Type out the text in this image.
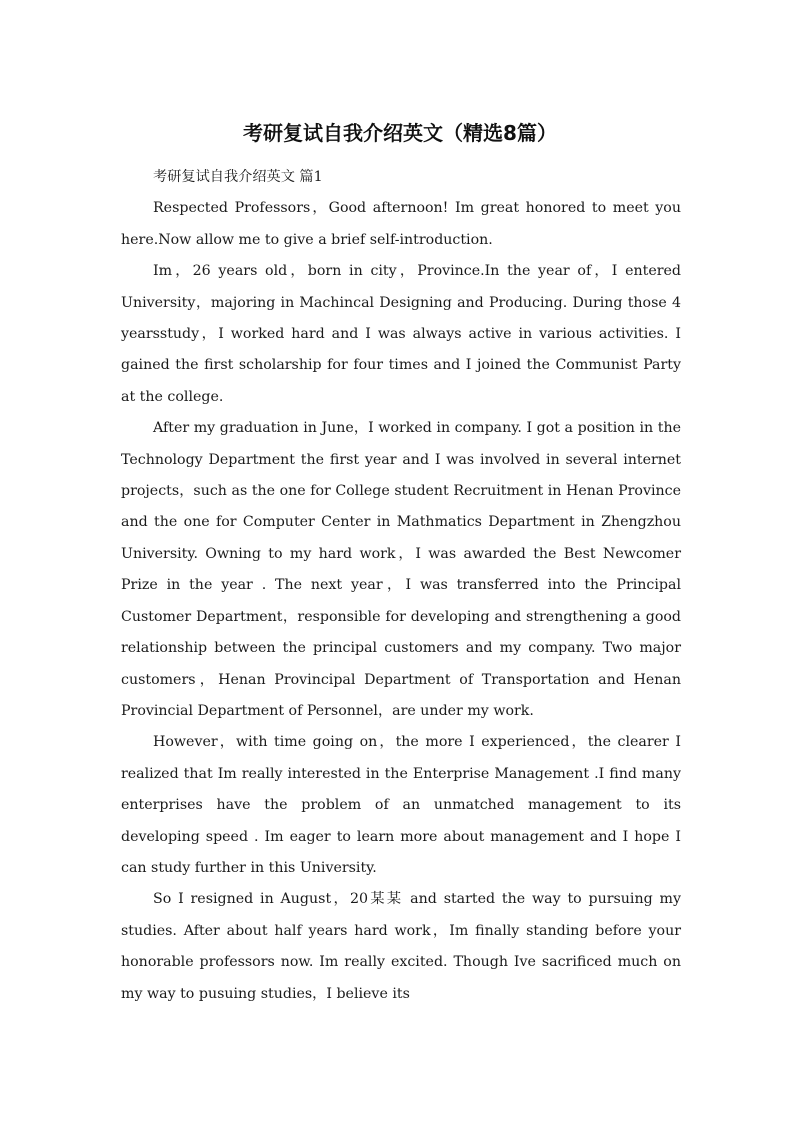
考研复试自我介绍英文（精选8篇）

考研复试自我介绍英文 篇1

Respected Professors，Good afternoon! Im great honored to meet you here.Now allow me to give a brief self-introduction.

Im，26 years old，born in city，Province.In the year of，I entered University，majoring in Machincal Designing and Producing. During those 4 yearsstudy，I worked hard and I was always active in various activities. I gained the first scholarship for four times and I joined the Communist Party at the college.

After my graduation in June，I worked in company. I got a position in the Technology Department the first year and I was involved in several internet projects，such as the one for College student Recruitment in Henan Province and the one for Computer Center in Mathmatics Department in Zhengzhou University. Owning to my hard work，I was awarded the Best Newcomer Prize in the year . The next year，I was transferred into the Principal Customer Department，responsible for developing and strengthening a good relationship between the principal customers and my company. Two major customers，Henan Provincipal Department of Transportation and Henan Provincial Department of Personnel，are under my work.

However，with time going on，the more I experienced，the clearer I realized that Im really interested in the Enterprise Management .I find many enterprises have the problem of an unmatched management to its developing speed . Im eager to learn more about management and I hope I can study further in this University.

So I resigned in August，20某某 and started the way to pursuing my studies. After about half years hard work，Im finally standing before your honorable professors now. Im really excited. Though Ive sacrificed much on my way to pusuing studies，I believe its
